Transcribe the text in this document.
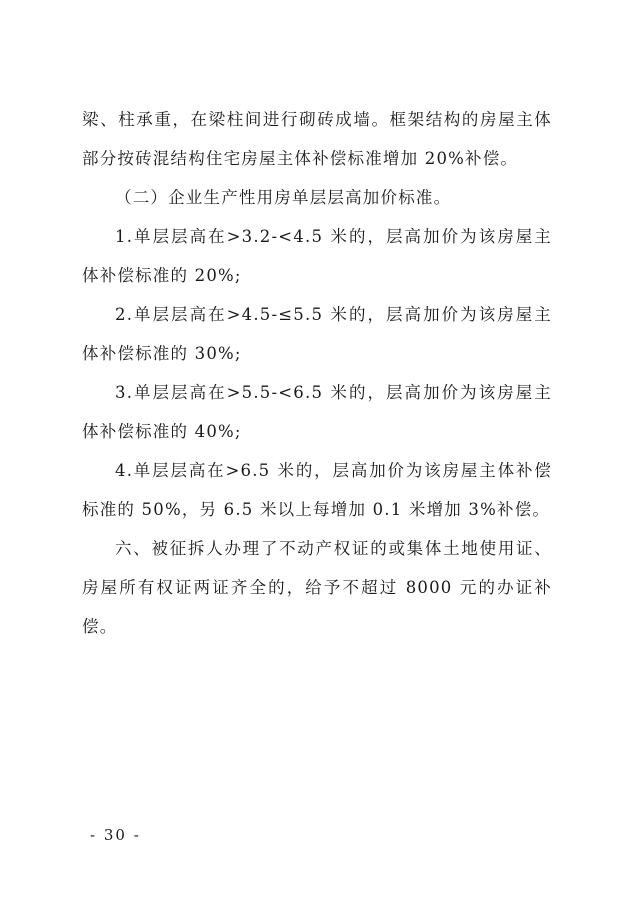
梁、柱承重，在梁柱间进行砌砖成墙。框架结构的房屋主体部分按砖混结构住宅房屋主体补偿标准增加 20%补偿。

（二）企业生产性用房单层层高加价标准。

1.单层层高在>3.2-<4.5 米的，层高加价为该房屋主体补偿标准的 20%;

2.单层层高在>4.5-≤5.5 米的，层高加价为该房屋主体补偿标准的 30%;

3.单层层高在>5.5-<6.5 米的，层高加价为该房屋主体补偿标准的 40%;

4.单层层高在>6.5 米的，层高加价为该房屋主体补偿标准的 50%，另 6.5 米以上每增加 0.1 米增加 3%补偿。

六、被征拆人办理了不动产权证的或集体土地使用证、房屋所有权证两证齐全的，给予不超过 8000 元的办证补偿。

- 30 -
